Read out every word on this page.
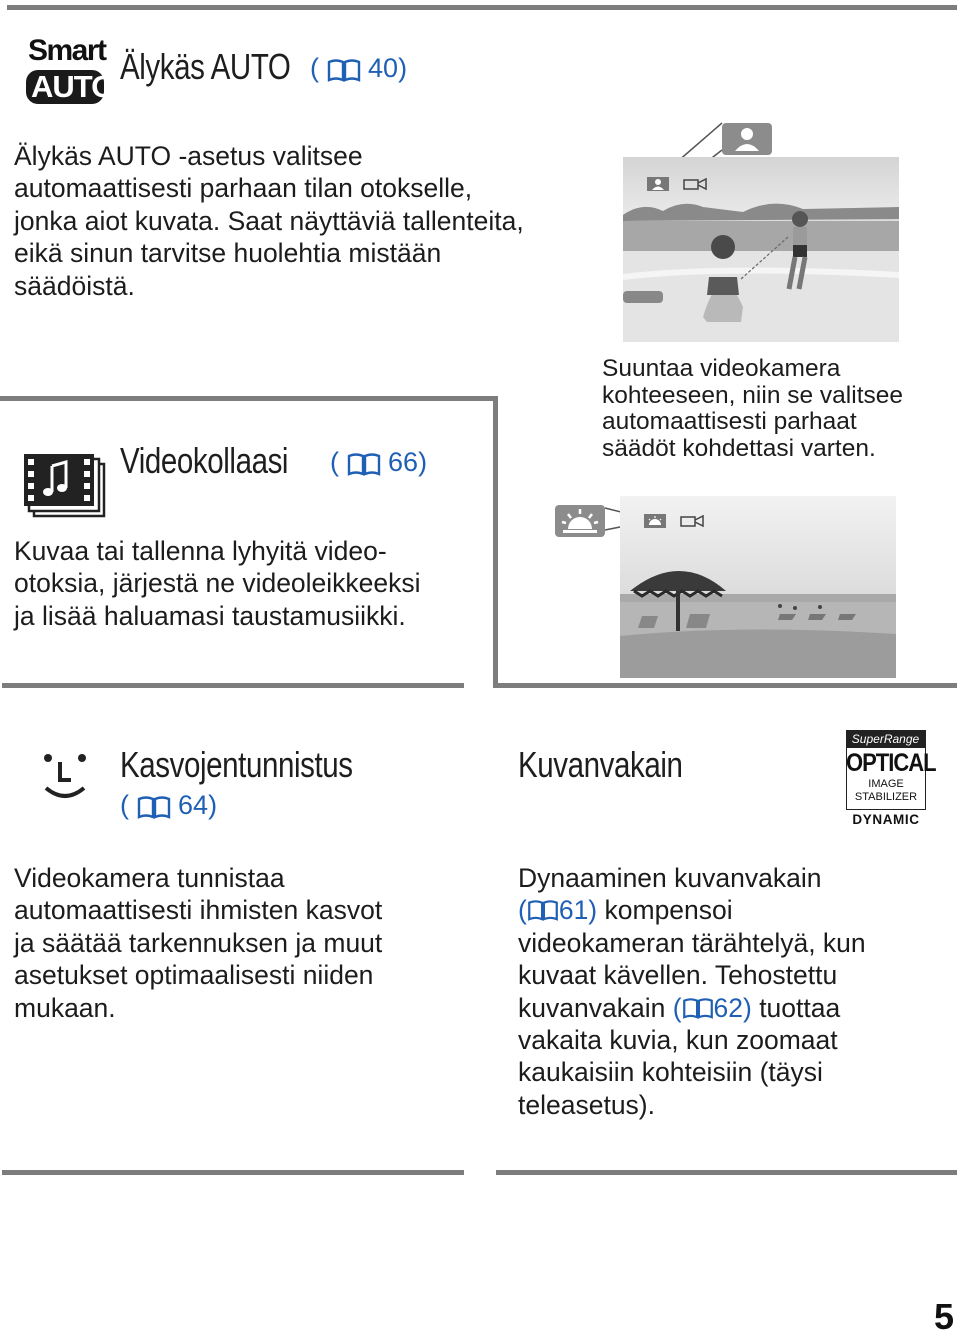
Smart
AUTO Älykäs AUTO ( 40)
Älykäs AUTO -asetus valitsee
automaattisesti parhaan tilan otokselle,
jonka aiot kuvata. Saat näyttäviä tallenteita,
eikä sinun tarvitse huolehtia mistään
säädöistä.
Suuntaa videokamera
kohteeseen, niin se valitsee
automaattisesti parhaat
säädöt kohdettasi varten.
Videokollaasi ( 66)
Kuvaa tai tallenna lyhyitä video-
otoksia, järjestä ne videoleikkeeksi
ja lisää haluamasi taustamusiikki.
Kasvojentunnistus
( 64)
Videokamera tunnistaa
automaattisesti ihmisten kasvot
ja säätää tarkennuksen ja muut
asetukset optimaalisesti niiden
mukaan.
Kuvanvakain
SuperRange
OPTICAL
IMAGE
STABILIZER
DYNAMIC
Dynaaminen kuvanvakain
( 61) kompensoi
videokameran tärähtelyä, kun
kuvaat kävellen. Tehostettu
kuvanvakain ( 62) tuottaa
vakaita kuvia, kun zoomaat
kaukaisiin kohteisiin (täysi
teleasetus).
5
